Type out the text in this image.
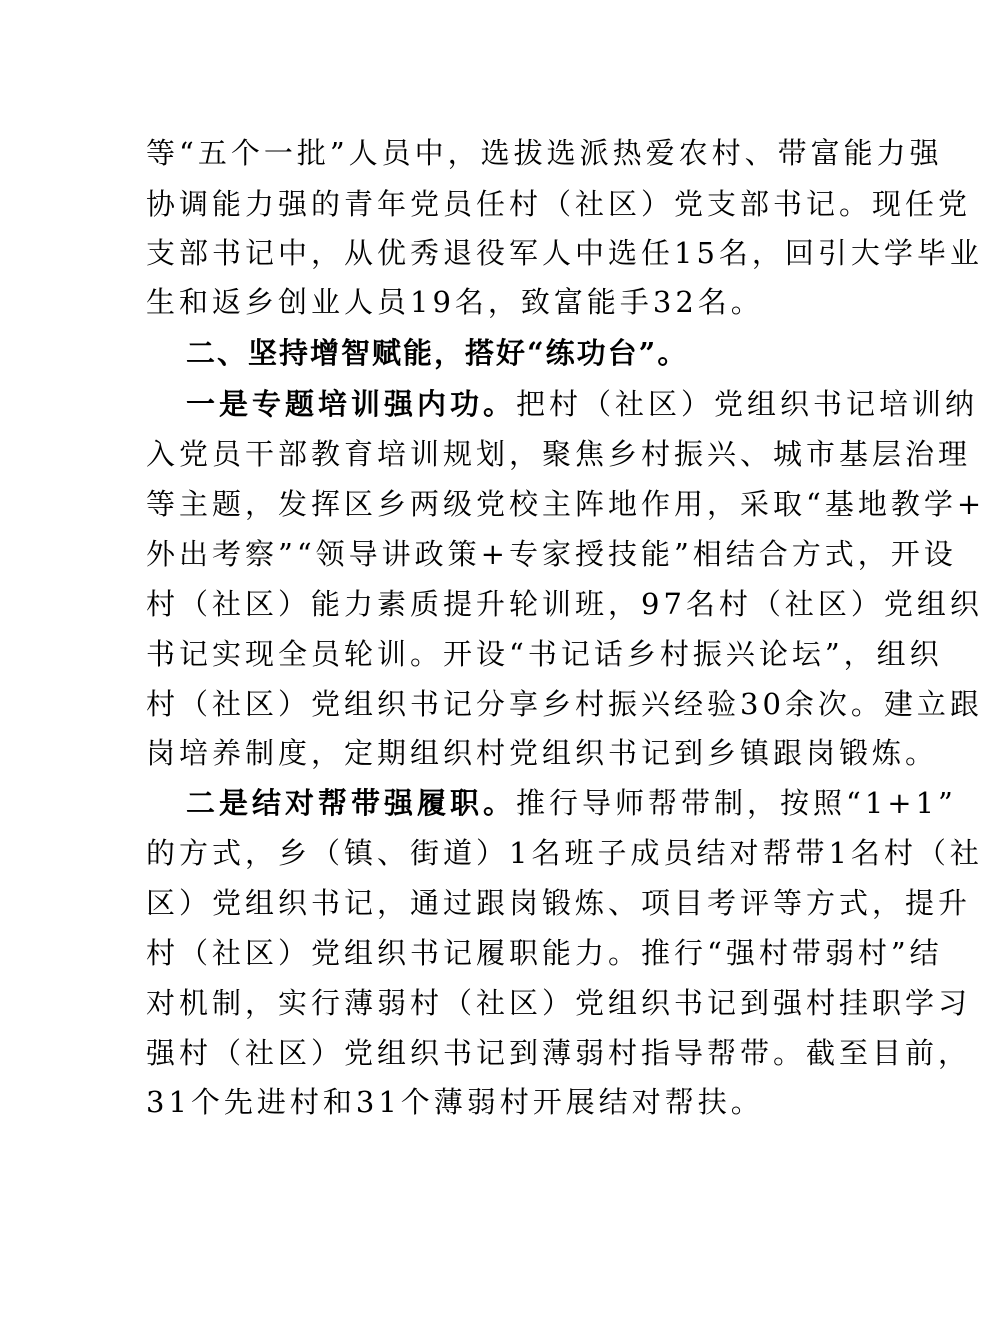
等“五个一批”人员中，选拔选派热爱农村、带富能力强
协调能力强的青年党员任村（社区）党支部书记。现任党
支部书记中，从优秀退役军人中选任15名，回引大学毕业
生和返乡创业人员19名，致富能手32名。
二、坚持增智赋能，搭好“练功台”。
一是专题培训强内功。把村（社区）党组织书记培训纳
入党员干部教育培训规划，聚焦乡村振兴、城市基层治理
等主题，发挥区乡两级党校主阵地作用，采取“基地教学+
外出考察”“领导讲政策+专家授技能”相结合方式，开设
村（社区）能力素质提升轮训班，97名村（社区）党组织
书记实现全员轮训。开设“书记话乡村振兴论坛”，组织
村（社区）党组织书记分享乡村振兴经验30余次。建立跟
岗培养制度，定期组织村党组织书记到乡镇跟岗锻炼。
二是结对帮带强履职。推行导师帮带制，按照“1+1”
的方式，乡（镇、街道）1名班子成员结对帮带1名村（社
区）党组织书记，通过跟岗锻炼、项目考评等方式，提升
村（社区）党组织书记履职能力。推行“强村带弱村”结
对机制，实行薄弱村（社区）党组织书记到强村挂职学习
强村（社区）党组织书记到薄弱村指导帮带。截至目前，
31个先进村和31个薄弱村开展结对帮扶。
